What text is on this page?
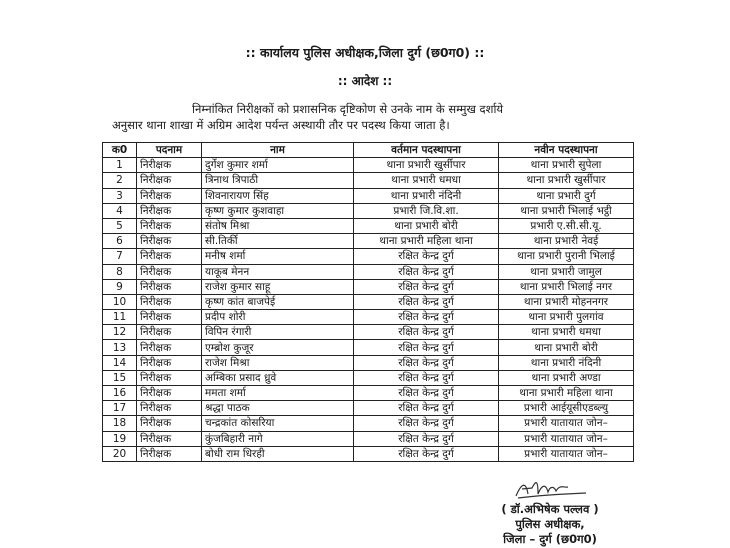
:: कार्यालय पुलिस अधीक्षक,जिला दुर्ग (छ0ग0) ::
:: आदेश ::
निम्नांकित निरीक्षकों को प्रशासनिक दृष्टिकोण से उनके नाम के सम्मुख दर्शाये
अनुसार थाना शाखा में अग्रिम आदेश पर्यन्त अस्थायी तौर पर पदस्थ किया जाता है।
क0	पदनाम	नाम	वर्तमान पदस्थापना	नवीन पदस्थापना
1	निरीक्षक	दुर्गेश कुमार शर्मा	थाना प्रभारी खुर्सीपार	थाना प्रभारी सुपेला
2	निरीक्षक	त्रिनाथ त्रिपाठी	थाना प्रभारी धमधा	थाना प्रभारी खुर्सीपार
3	निरीक्षक	शिवनारायण सिंह	थाना प्रभारी नंदिनी	थाना प्रभारी दुर्ग
4	निरीक्षक	कृष्ण कुमार कुशवाहा	प्रभारी जि.वि.शा.	थाना प्रभारी भिलाई भट्ठी
5	निरीक्षक	संतोष मिश्रा	थाना प्रभारी बोरी	प्रभारी ए.सी.सी.यू.
6	निरीक्षक	सी.तिर्की	थाना प्रभारी महिला थाना	थाना प्रभारी नेवई
7	निरीक्षक	मनीष शर्मा	रक्षित केन्द्र दुर्ग	थाना प्रभारी पुरानी भिलाई
8	निरीक्षक	याकूब मेनन	रक्षित केन्द्र दुर्ग	थाना प्रभारी जामुल
9	निरीक्षक	राजेश कुमार साहू	रक्षित केन्द्र दुर्ग	थाना प्रभारी भिलाई नगर
10	निरीक्षक	कृष्ण कांत बाजपेई	रक्षित केन्द्र दुर्ग	थाना प्रभारी मोहननगर
11	निरीक्षक	प्रदीप शोरी	रक्षित केन्द्र दुर्ग	थाना प्रभारी पुलगांव
12	निरीक्षक	विपिन रंगारी	रक्षित केन्द्र दुर्ग	थाना प्रभारी धमधा
13	निरीक्षक	एम्ब्रोश कुजूर	रक्षित केन्द्र दुर्ग	थाना प्रभारी बोरी
14	निरीक्षक	राजेश मिश्रा	रक्षित केन्द्र दुर्ग	थाना प्रभारी नंदिनी
15	निरीक्षक	अम्बिका प्रसाद ध्रुवे	रक्षित केन्द्र दुर्ग	थाना प्रभारी अण्डा
16	निरीक्षक	ममता शर्मा	रक्षित केन्द्र दुर्ग	थाना प्रभारी महिला थाना
17	निरीक्षक	श्रद्धा पाठक	रक्षित केन्द्र दुर्ग	प्रभारी आईयूसीएडब्ल्यु
18	निरीक्षक	चन्द्रकांत कोसरिया	रक्षित केन्द्र दुर्ग	प्रभारी यातायात जोन–
19	निरीक्षक	कुंजबिहारी नागे	रक्षित केन्द्र दुर्ग	प्रभारी यातायात जोन–
20	निरीक्षक	बोधी राम धिरही	रक्षित केन्द्र दुर्ग	प्रभारी यातायात जोन–
( डॉ.अभिषेक पल्लव )
पुलिस अधीक्षक,
जिला – दुर्ग (छ0ग0)
